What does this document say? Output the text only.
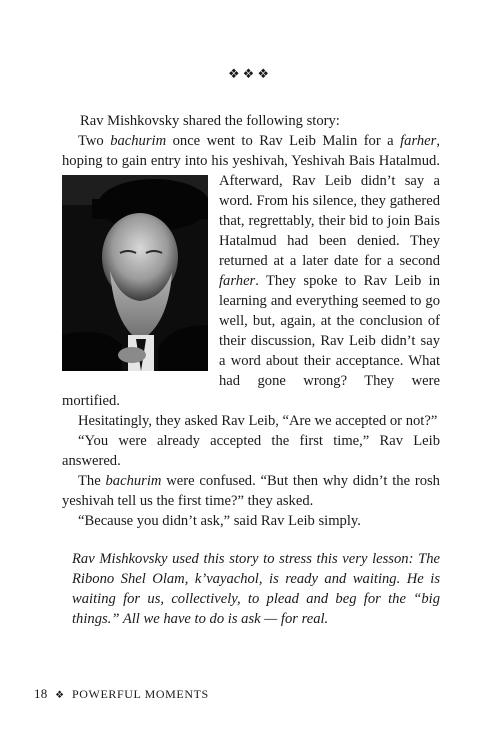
❖❖❖

Rav Mishkovsky shared the following story:

Two bachurim once went to Rav Leib Malin for a farher, hoping to gain entry into his yeshivah, Yeshivah Bais Hatalmud. Afterward,
Rav Leib didn’t say a word. From his silence, they gathered that, regrettably, their bid to join Bais Hatalmud had been denied. They returned at a later date for a second farher. They spoke to Rav Leib in learning and everything seemed to go well, but, again, at the conclusion of their discussion, Rav Leib didn’t say a word about their acceptance. What had gone wrong? They were mortified.

Hesitatingly, they asked Rav Leib, “Are we accepted or not?”

“You were already accepted the first time,” Rav Leib answered.

The bachurim were confused. “But then why didn’t the rosh yeshivah tell us the first time?” they asked.

“Because you didn’t ask,” said Rav Leib simply.

Rav Mishkovsky used this story to stress this very lesson: The Ribono Shel Olam, k’vayachol, is ready and waiting. He is waiting for us, collectively, to plead and beg for the “big things.” All we have to do is ask — for real.

18 ❖ POWERFUL MOMENTS
